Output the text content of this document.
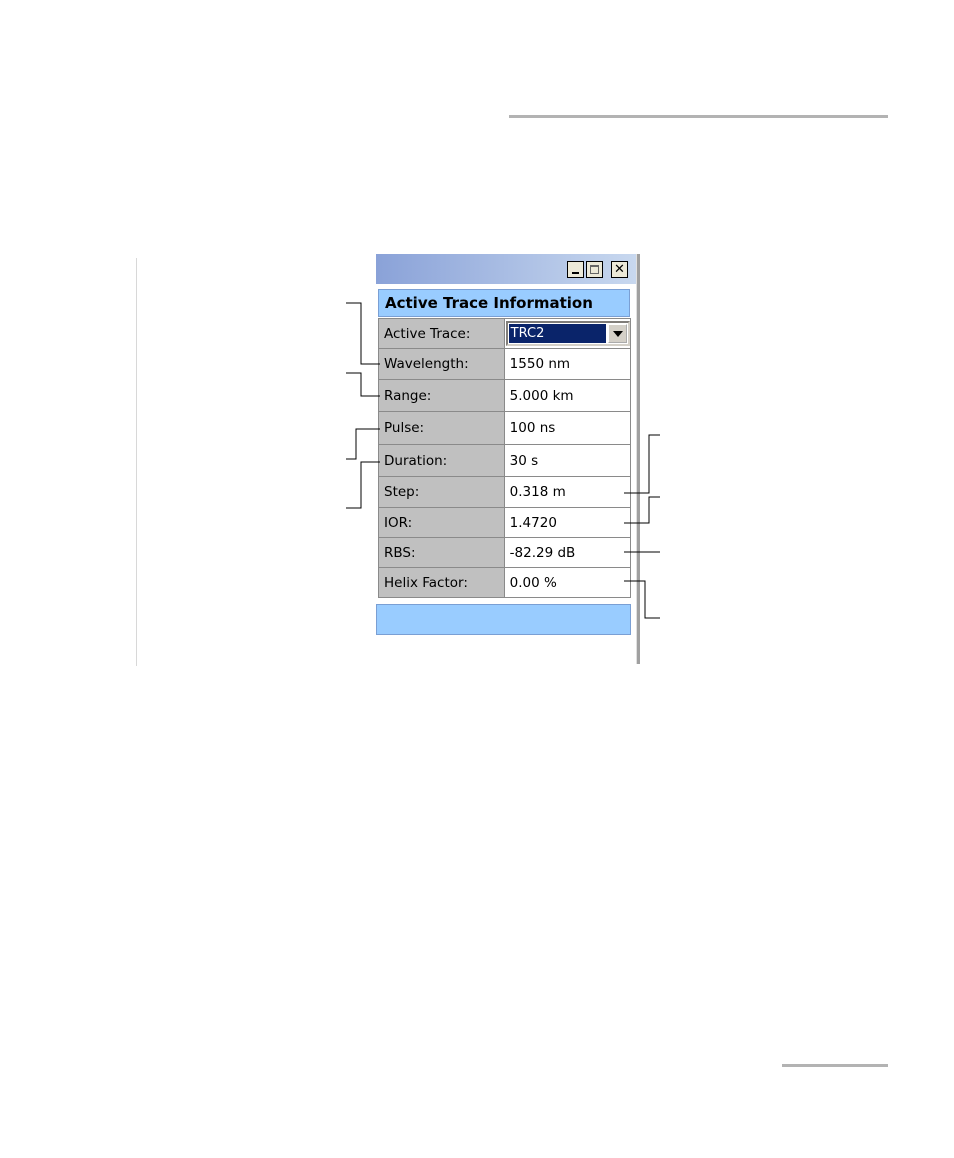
✕
Active Trace Information
Active Trace:	TRC2

Wavelength:	1550 nm
Range:	5.000 km
Pulse:	100 ns
Duration:	30 s
Step:	0.318 m
IOR:	1.4720
RBS:	-82.29 dB
Helix Factor:	0.00 %
